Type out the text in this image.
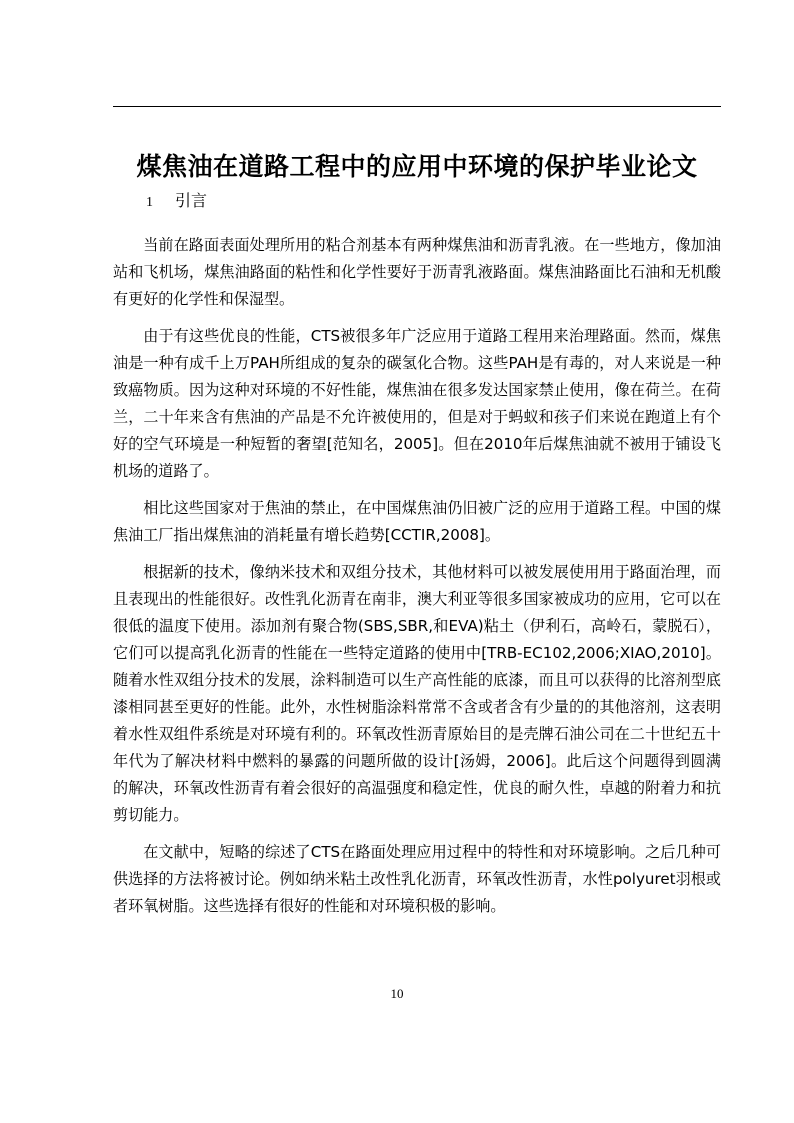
煤焦油在道路工程中的应用中环境的保护毕业论文
1 引言

当前在路面表面处理所用的粘合剂基本有两种煤焦油和沥青乳液。在一些地方，像加油站和飞机场，煤焦油路面的粘性和化学性要好于沥青乳液路面。煤焦油路面比石油和无机酸有更好的化学性和保湿型。

由于有这些优良的性能，CTS被很多年广泛应用于道路工程用来治理路面。然而，煤焦油是一种有成千上万PAH所组成的复杂的碳氢化合物。这些PAH是有毒的，对人来说是一种致癌物质。因为这种对环境的不好性能，煤焦油在很多发达国家禁止使用，像在荷兰。在荷兰，二十年来含有焦油的产品是不允许被使用的，但是对于蚂蚁和孩子们来说在跑道上有个好的空气环境是一种短暂的奢望[范知名，2005]。但在2010年后煤焦油就不被用于铺设飞机场的道路了。

相比这些国家对于焦油的禁止，在中国煤焦油仍旧被广泛的应用于道路工程。中国的煤焦油工厂指出煤焦油的消耗量有增长趋势[CCTIR,2008]。

根据新的技术，像纳米技术和双组分技术，其他材料可以被发展使用用于路面治理，而且表现出的性能很好。改性乳化沥青在南非，澳大利亚等很多国家被成功的应用，它可以在很低的温度下使用。添加剂有聚合物(SBS,SBR,和EVA)粘土（伊利石，高岭石，蒙脱石），它们可以提高乳化沥青的性能在一些特定道路的使用中[TRB-EC102,2006;XIAO,2010]。随着水性双组分技术的发展，涂料制造可以生产高性能的底漆，而且可以获得的比溶剂型底漆相同甚至更好的性能。此外，水性树脂涂料常常不含或者含有少量的的其他溶剂，这表明着水性双组件系统是对环境有利的。环氧改性沥青原始目的是壳牌石油公司在二十世纪五十年代为了解决材料中燃料的暴露的问题所做的设计[汤姆，2006]。此后这个问题得到圆满的解决，环氧改性沥青有着会很好的高温强度和稳定性，优良的耐久性，卓越的附着力和抗剪切能力。

在文献中，短略的综述了CTS在路面处理应用过程中的特性和对环境影响。之后几种可供选择的方法将被讨论。例如纳米粘土改性乳化沥青，环氧改性沥青，水性polyuret羽根或者环氧树脂。这些选择有很好的性能和对环境积极的影响。

10
